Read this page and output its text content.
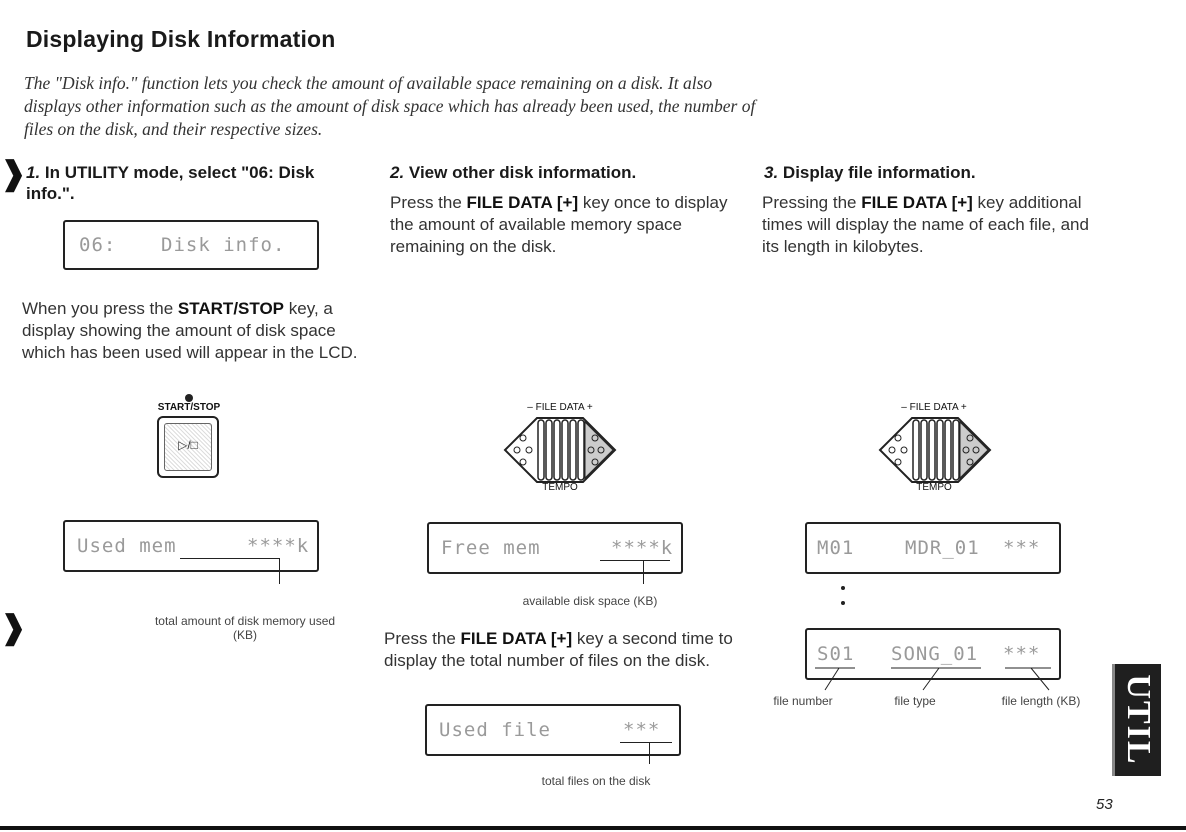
Displaying Disk Information
The "Disk info." function lets you check the amount of available space remaining on a disk. It also displays other information such as the amount of disk space which has already been used, the number of files on the disk, and their respective sizes.
❱
❱
1. In UTILITY mode, select "06: Disk info.".
06: Disk info.
When you press the START/STOP key, a display showing the amount of disk space which has been used will appear in the LCD.
START/STOP
▷/□
Used mem	****k
total amount of disk memory used (KB)
2. View other disk information.
Press the FILE DATA [+] key once to display the amount of available memory space remaining on the disk.
– FILE DATA +
TEMPO
Free mem	****k
available disk space (KB)
Press the FILE DATA [+] key a second time to display the total number of files on the disk.
Used file	***
total files on the disk
3. Display file information.
Pressing the FILE DATA [+] key additional times will display the name of each file, and its length in kilobytes.
– FILE DATA +
TEMPO
M01	MDR_01 ***
S01 SONG_01 ***
file number	file type	file length (KB)	UTIL
53
